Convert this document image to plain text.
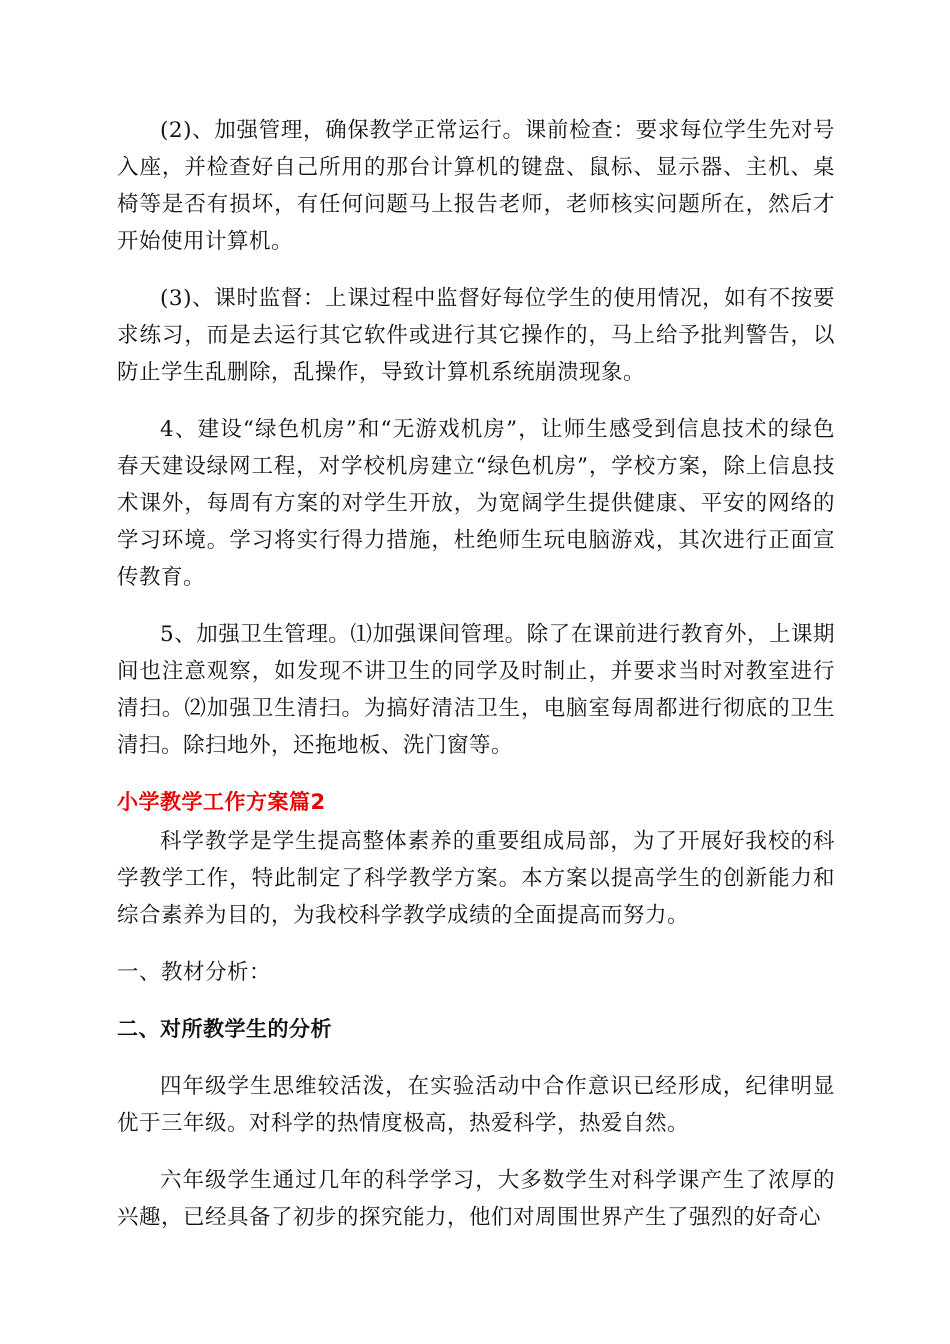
(2)、加强管理，确保教学正常运行。课前检查：要求每位学生先对号入座，并检查好自己所用的那台计算机的键盘、鼠标、显示器、主机、桌椅等是否有损坏，有任何问题马上报告老师，老师核实问题所在，然后才开始使用计算机。

(3)、课时监督：上课过程中监督好每位学生的使用情况，如有不按要求练习，而是去运行其它软件或进行其它操作的，马上给予批判警告，以防止学生乱删除，乱操作，导致计算机系统崩溃现象。

4、建设“绿色机房”和“无游戏机房”，让师生感受到信息技术的绿色春天建设绿网工程，对学校机房建立“绿色机房”，学校方案，除上信息技术课外，每周有方案的对学生开放，为宽阔学生提供健康、平安的网络的学习环境。学习将实行得力措施，杜绝师生玩电脑游戏，其次进行正面宣传教育。

5、加强卫生管理。⑴加强课间管理。除了在课前进行教育外，上课期间也注意观察，如发现不讲卫生的同学及时制止，并要求当时对教室进行清扫。⑵加强卫生清扫。为搞好清洁卫生，电脑室每周都进行彻底的卫生清扫。除扫地外，还拖地板、洗门窗等。

小学教学工作方案篇2

科学教学是学生提高整体素养的重要组成局部，为了开展好我校的科学教学工作，特此制定了科学教学方案。本方案以提高学生的创新能力和综合素养为目的，为我校科学教学成绩的全面提高而努力。

一、教材分析：

二、对所教学生的分析

四年级学生思维较活泼，在实验活动中合作意识已经形成，纪律明显优于三年级。对科学的热情度极高，热爱科学，热爱自然。

六年级学生通过几年的科学学习，大多数学生对科学课产生了浓厚的兴趣，已经具备了初步的探究能力，他们对周围世界产生了强烈的好奇心
